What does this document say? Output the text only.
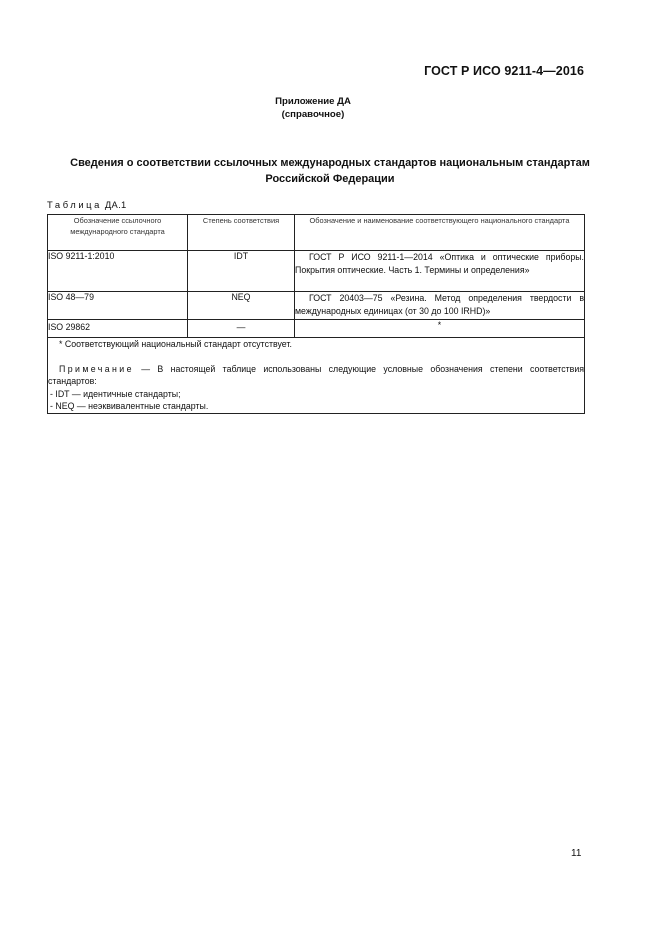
ГОСТ Р ИСО 9211-4—2016
Приложение ДА
(справочное)
Сведения о соответствии ссылочных международных стандартов национальным стандартам
Российской Федерации
Таблица ДА.1
Обозначение ссылочного международного стандарта	Степень соответствия	Обозначение и наименование соответствующего национального стандарта

ISO 9211-1:2010	IDT	ГОСТ Р ИСО 9211-1—2014 «Оптика и оптические приборы. Покрытия оптические. Часть 1. Термины и определения»
ISO 48—79	NEQ	ГОСТ 20403—75 «Резина. Метод определения твердости в международных единицах (от 30 до 100 IRHD)»
ISO 29862	—	*

* Соответствующий национальный стандарт отсутствует.
Примечание — В настоящей таблице использованы следующие условные обозначения степени соответствия стандартов:
- IDT — идентичные стандарты;
- NEQ — неэквивалентные стандарты.		
11
